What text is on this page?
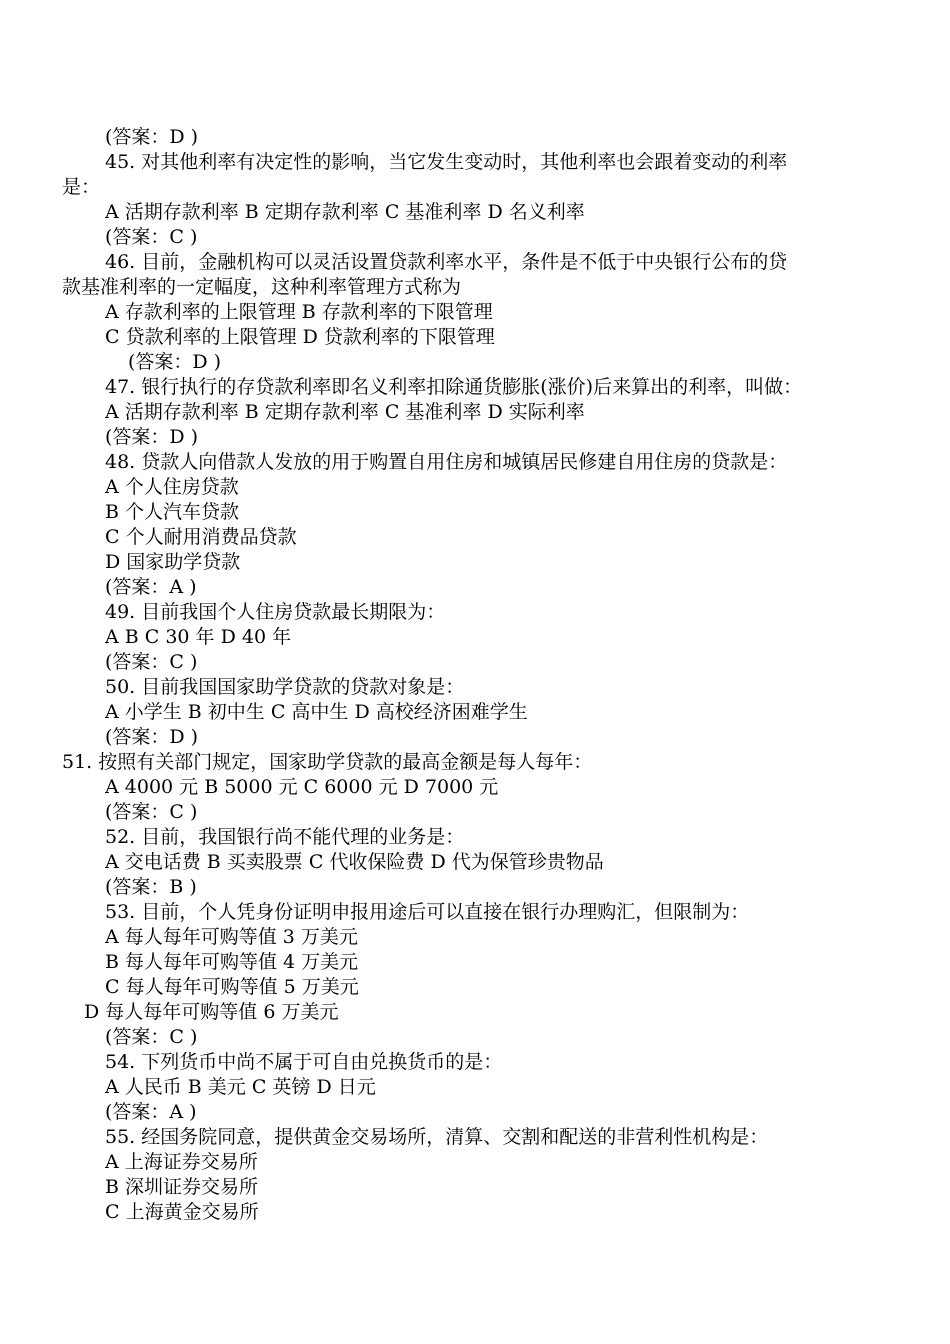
(答案：D )
45. 对其他利率有决定性的影响，当它发生变动时，其他利率也会跟着变动的利率
是：
A 活期存款利率 B 定期存款利率 C 基准利率 D 名义利率
(答案：C )
46. 目前，金融机构可以灵活设置贷款利率水平，条件是不低于中央银行公布的贷
款基准利率的一定幅度，这种利率管理方式称为
A 存款利率的上限管理 B 存款利率的下限管理
C 贷款利率的上限管理 D 贷款利率的下限管理
(答案：D )
47. 银行执行的存贷款利率即名义利率扣除通货膨胀(涨价)后来算出的利率，叫做：
A 活期存款利率 B 定期存款利率 C 基准利率 D 实际利率
(答案：D )
48. 贷款人向借款人发放的用于购置自用住房和城镇居民修建自用住房的贷款是：
A 个人住房贷款
B 个人汽车贷款
C 个人耐用消费品贷款
D 国家助学贷款
(答案：A )
49. 目前我国个人住房贷款最长期限为：
A B C 30 年 D 40 年
(答案：C )
50. 目前我国国家助学贷款的贷款对象是：
A 小学生 B 初中生 C 高中生 D 高校经济困难学生
(答案：D )
51. 按照有关部门规定，国家助学贷款的最高金额是每人每年：
A 4000 元 B 5000 元 C 6000 元 D 7000 元
(答案：C )
52. 目前，我国银行尚不能代理的业务是：
A 交电话费 B 买卖股票 C 代收保险费 D 代为保管珍贵物品
(答案：B )
53. 目前，个人凭身份证明申报用途后可以直接在银行办理购汇，但限制为：
A 每人每年可购等值 3 万美元
B 每人每年可购等值 4 万美元
C 每人每年可购等值 5 万美元
D 每人每年可购等值 6 万美元
(答案：C )
54. 下列货币中尚不属于可自由兑换货币的是：
A 人民币 B 美元 C 英镑 D 日元
(答案：A )
55. 经国务院同意，提供黄金交易场所，清算、交割和配送的非营利性机构是：
A 上海证券交易所
B 深圳证券交易所
C 上海黄金交易所
